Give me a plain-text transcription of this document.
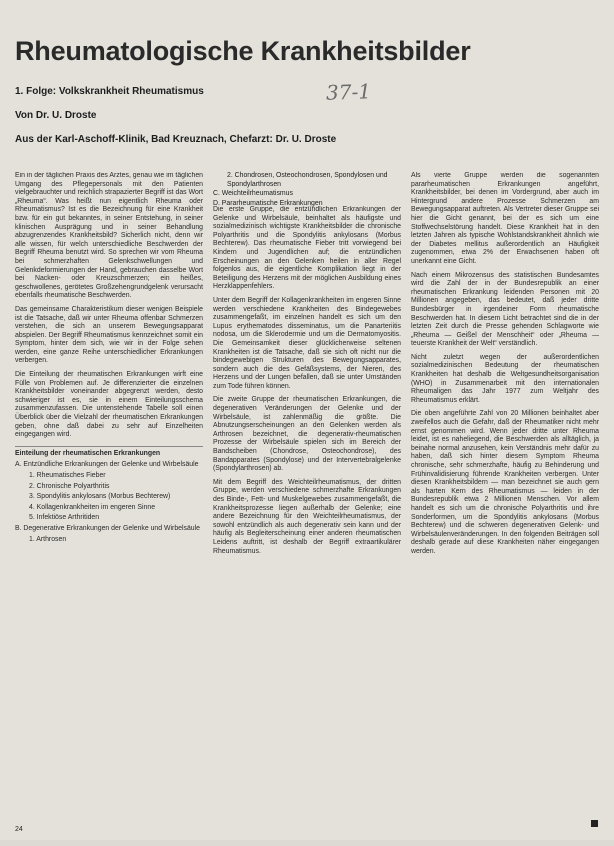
Rheumatologische Krankheitsbilder
1. Folge: Volkskrankheit Rheumatismus	37-1
Von Dr. U. Droste
Aus der Karl-Aschoff-Klinik, Bad Kreuznach, Chefarzt: Dr. U. Droste

Ein in der täglichen Praxis des Arztes, genau wie im täglichen Umgang des Pflegepersonals mit den Patienten vielgebrauchter und reichlich strapazierter Begriff ist das Wort „Rheuma“. Was heißt nun eigentlich Rheuma oder Rheumatismus? Ist es die Bezeichnung für eine Krankheit bzw. für ein gut bekanntes, in seiner Entstehung, in seiner klinischen Ausprägung und in seiner Behandlung abzugrenzendes Krankheitsbild? Sicherlich nicht, denn wir alle wissen, für welch unterschiedliche Beschwerden der Begriff Rheuma benutzt wird. So sprechen wir vom Rheuma bei schmerzhaften Gelenkschwellungen und Gelenkdeformierungen der Hand, gebrauchen dasselbe Wort bei Nacken- oder Kreuzschmerzen; ein heißes, geschwollenes, gerötetes Großzehengrundgelenk verursacht ebenfalls rheumatische Beschwerden.

Das gemeinsame Charakteristikum dieser wenigen Beispiele ist die Tatsache, daß wir unter Rheuma offenbar Schmerzen verstehen, die sich an unserem Bewegungsapparat abspielen. Der Begriff Rheumatismus kennzeichnet somit ein Symptom, hinter dem sich, wie wir in der Folge sehen werden, eine ganze Reihe unterschiedlicher Erkrankungen verbergen.

Die Einteilung der rheumatischen Erkrankungen wirft eine Fülle von Problemen auf. Je differenzierter die einzelnen Krankheitsbilder voneinander abgegrenzt werden, desto schwieriger ist es, sie in einem Einteilungsschema zusammenzufassen. Die untenstehende Tabelle soll einen Überblick über die Vielzahl der rheumatischen Erkrankungen geben, ohne daß dabei zu sehr auf Einzelheiten eingegangen wird.

Einteilung der rheumatischen Erkrankungen
A. Entzündliche Erkrankungen der Gelenke und Wirbelsäule
1. Rheumatisches Fieber
2. Chronische Polyarthritis
3. Spondylitis ankylosans (Morbus Bechterew)
4. Kollagenkrankheiten im engeren Sinne
5. Infektiöse Arthritiden
B. Degenerative Erkrankungen der Gelenke und Wirbelsäule
1. Arthrosen
2. Chondrosen, Osteochondrosen, Spondylosen und Spondylarthrosen
C. Weichteilrheumatismus
D. Pararheumatische Erkrankungen

Die erste Gruppe, die entzündlichen Erkrankungen der Gelenke und Wirbelsäule, beinhaltet als häufigste und sozialmedizinisch wichtigste Krankheitsbilder die chronische Polyarthritis und die Spondylitis ankylosans (Morbus Bechterew). Das rheumatische Fieber tritt vorwiegend bei Kindern und Jugendlichen auf; die entzündlichen Erscheinungen an den Gelenken heilen in aller Regel folgenlos aus, die eigentliche Komplikation liegt in der Beteiligung des Herzens mit der möglichen Ausbildung eines Herzklappenfehlers.

Unter dem Begriff der Kollagenkrankheiten im engeren Sinne werden verschiedene Krankheiten des Bindegewebes zusammengefaßt, im einzelnen handelt es sich um den Lupus erythematodes disseminatus, um die Panarteriitis nodosa, um die Sklerodermie und um die Dermatomyositis. Die Gemeinsamkeit dieser glücklicherweise seltenen Krankheiten ist die Tatsache, daß sie sich oft nicht nur die bindegewebigen Strukturen des Bewegungsapparates, sondern auch die des Gefäßsystems, der Nieren, des Herzens und der Lungen befallen, daß sie unter Umständen zum Tode führen können.

Die zweite Gruppe der rheumatischen Erkrankungen, die degenerativen Veränderungen der Gelenke und der Wirbelsäule, ist zahlenmäßig die größte. Die Abnutzungserscheinungen an den Gelenken werden als Arthrosen bezeichnet, die degenerativ-rheumatischen Prozesse der Wirbelsäule spielen sich im Bereich der Bandscheiben (Chondrose, Osteochondrose), des Bandapparates (Spondylose) und der Intervertebralgelenke (Spondylarthrosen) ab.

Mit dem Begriff des Weichteilrheumatismus, der dritten Gruppe, werden verschiedene schmerzhafte Erkrankungen des Binde-, Fett- und Muskelgewebes zusammengefaßt, die Krankheitsprozesse liegen außerhalb der Gelenke; eine andere Bezeichnung für den Weichteilrheumatismus, der sowohl entzündlich als auch degenerativ sein kann und der häufig als Begleiterscheinung einer anderen rheumatischen Leidens auftritt, ist deshalb der Begriff extraartikulärer Rheumatismus.

Als vierte Gruppe werden die sogenannten pararheumatischen Erkrankungen angeführt, Krankheitsbilder, bei denen im Vordergrund, aber auch im Hintergrund andere Prozesse Schmerzen am Bewegungsapparat auftreten. Als Vertreter dieser Gruppe sei hier die Gicht genannt, bei der es sich um eine Stoffwechselstörung handelt. Diese Krankheit hat in den letzten Jahren als typische Wohlstandskrankheit ähnlich wie der Diabetes mellitus außerordentlich an Häufigkeit zugenommen, etwa 2% der Erwachsenen haben oft unerkannt eine Gicht.

Nach einem Mikrozensus des statistischen Bundesamtes wird die Zahl der in der Bundesrepublik an einer rheumatischen Erkrankung leidenden Personen mit 20 Millionen angegeben, das bedeutet, daß jeder dritte Bundesbürger in irgendeiner Form rheumatische Beschwerden hat. In diesem Licht betrachtet sind die in der letzten Zeit durch die Presse gehenden Schlagworte wie „Rheuma — Geißel der Menschheit“ oder „Rheuma — teuerste Krankheit der Welt“ verständlich.

Nicht zuletzt wegen der außerordentlichen sozialmedizinischen Bedeutung der rheumatischen Krankheiten hat deshalb die Weltgesundheitsorganisation (WHO) in Zusammenarbeit mit den internationalen Rheumaligen das Jahr 1977 zum Weltjahr des Rheumatismus erklärt.

Die oben angeführte Zahl von 20 Millionen beinhaltet aber zweifellos auch die Gefahr, daß der Rheumatiker nicht mehr ernst genommen wird. Wenn jeder dritte unter Rheuma leidet, ist es naheliegend, die Beschwerden als alltäglich, ja beinahe normal anzusehen, kein Verständnis mehr dafür zu haben, daß sich hinter diesem Symptom Rheuma chronische, sehr schmerzhafte, häufig zu Behinderung und Frühinvalidisierung führende Krankheiten verbergen. Unter diesen Krankheitsbildern — man bezeichnet sie auch gern als harten Kern des Rheumatismus — leiden in der Bundesrepublik etwa 2 Millionen Menschen. Vor allem handelt es sich um die chronische Polyarthritis und ihre Sonderformen, um die Spondylitis ankylosans (Morbus Bechterew) und die schweren degenerativen Gelenk- und Wirbelsäulenveränderungen. In den folgenden Beiträgen soll deshalb gerade auf diese Krankheiten näher eingegangen werden.

24
